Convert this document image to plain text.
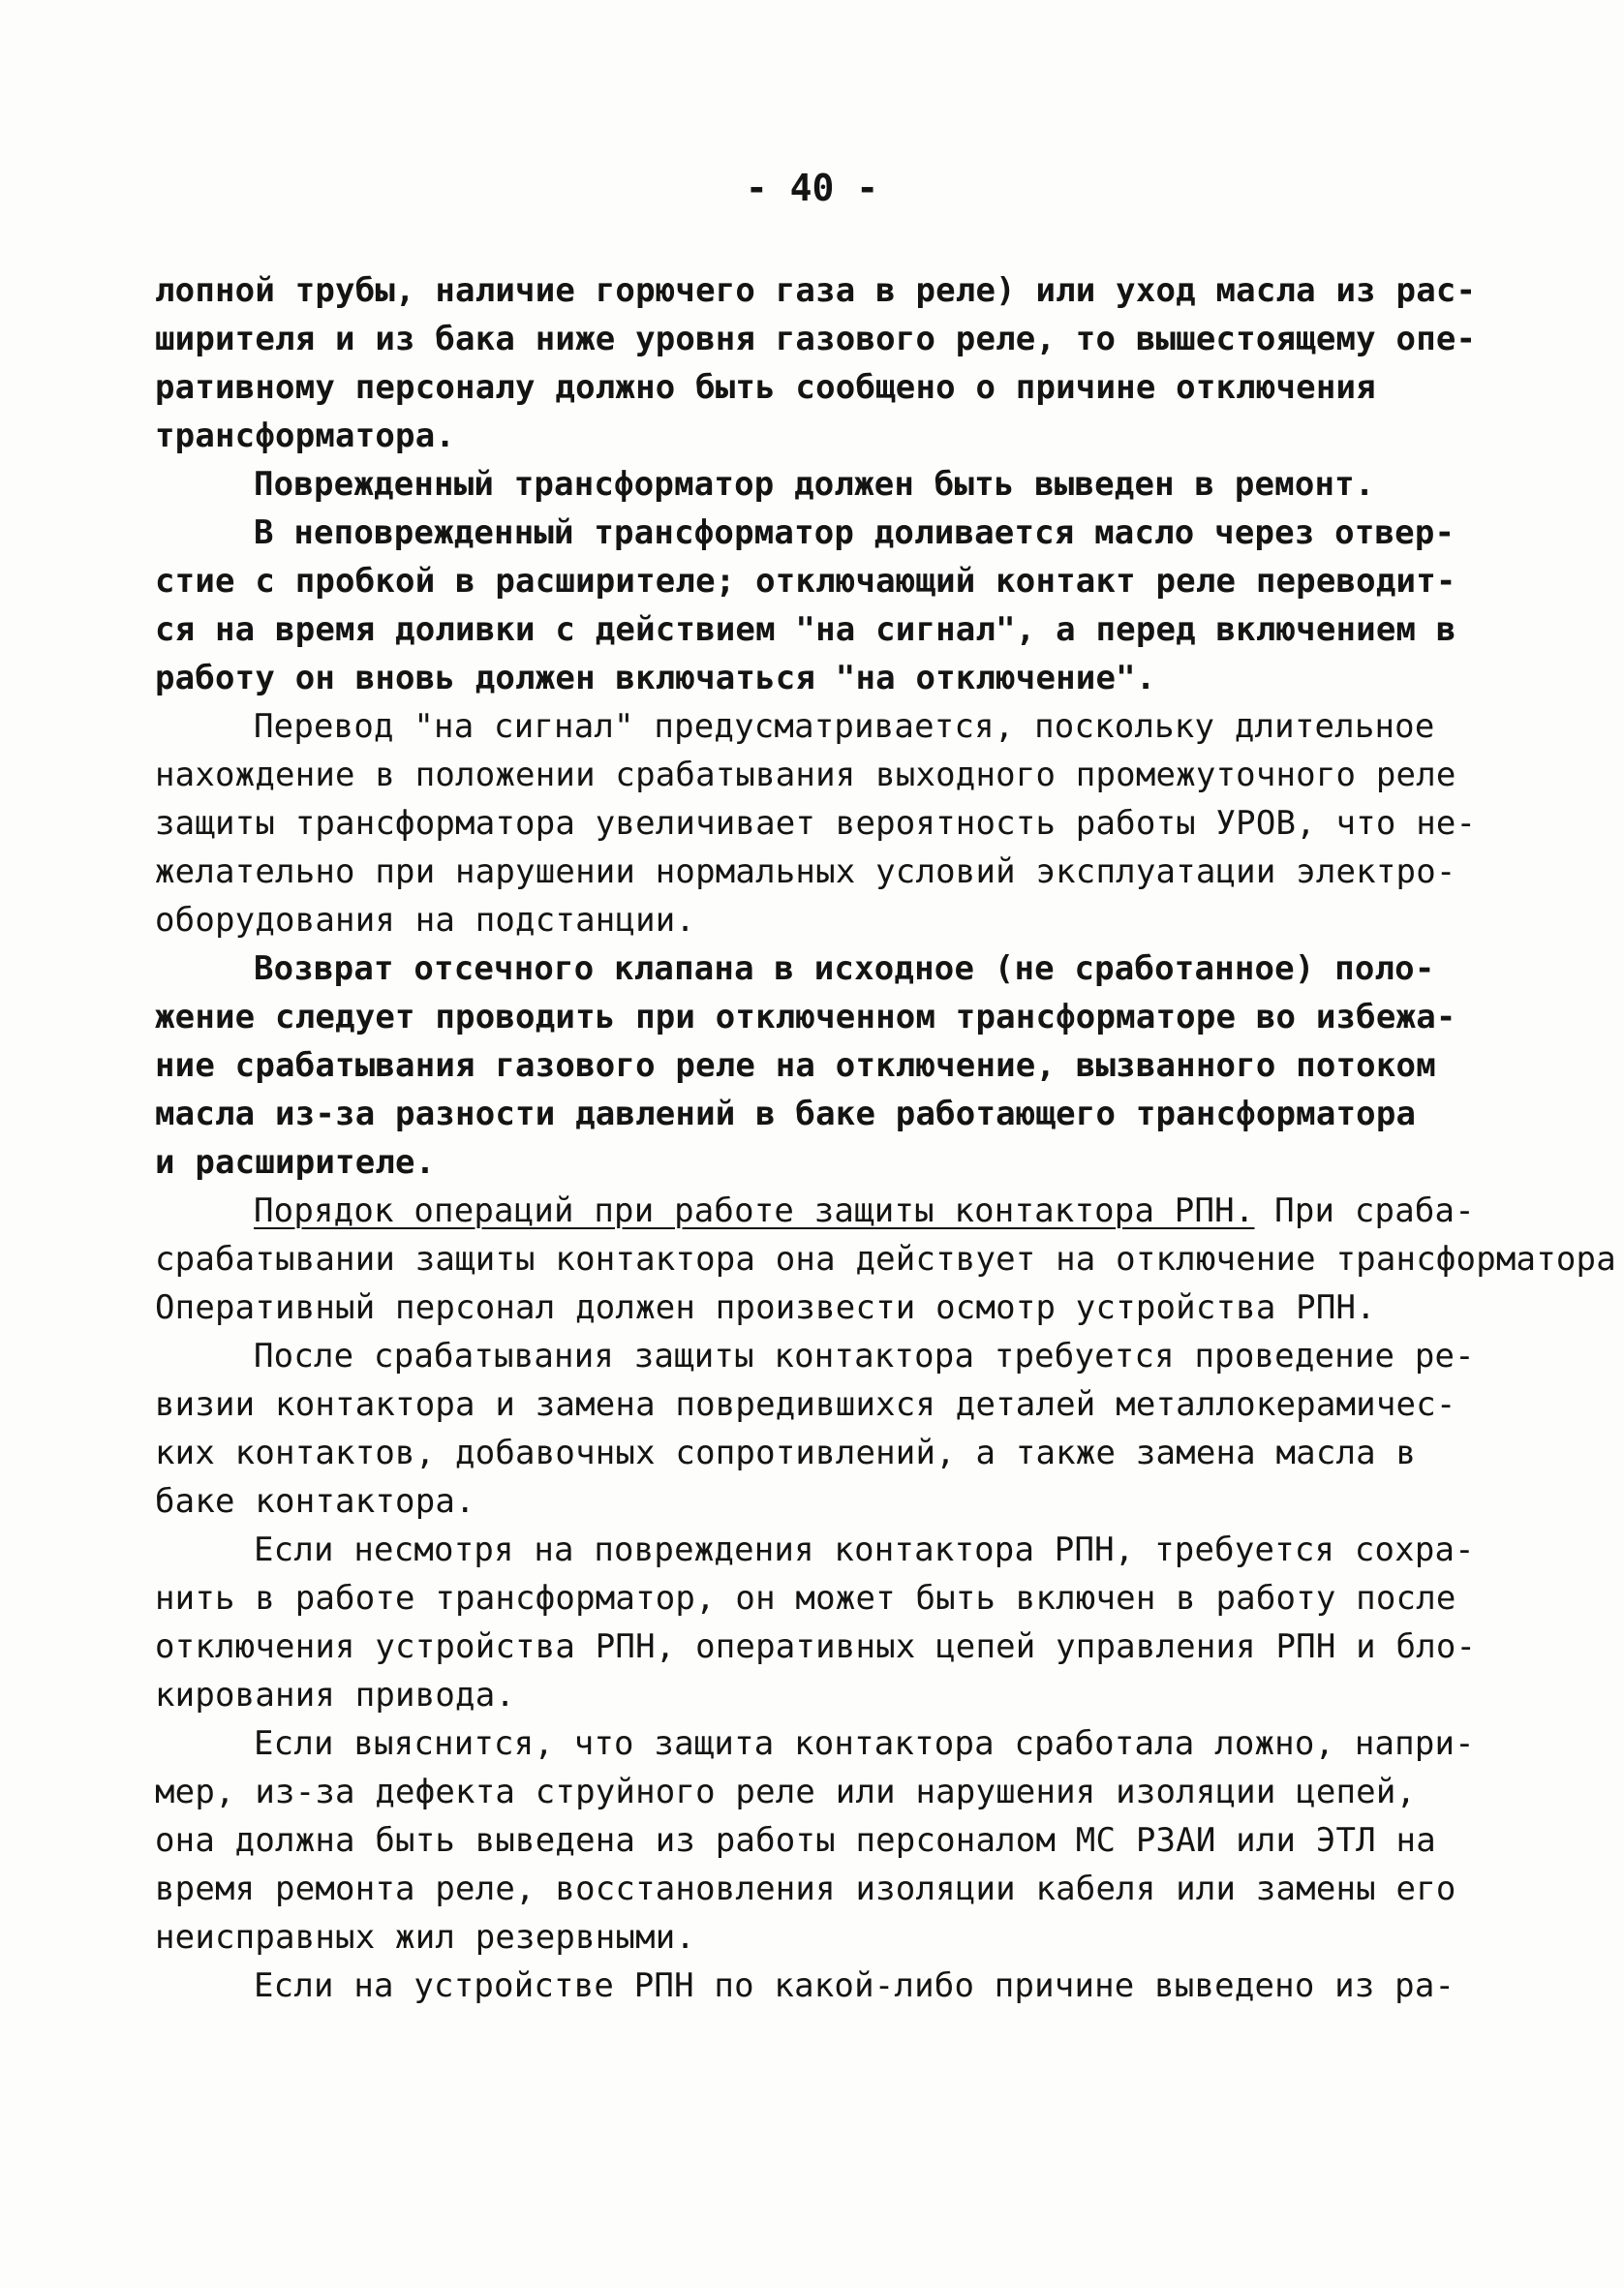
- 40 -
лопной трубы, наличие горючего газа в реле) или уход масла из рас-
ширителя и из бака ниже уровня газового реле, то вышестоящему опе-
ративному персоналу должно быть сообщено о причине отключения
трансформатора.
Поврежденный трансформатор должен быть выведен в ремонт.
В неповрежденный трансформатор доливается масло через отвер-
стие с пробкой в расширителе; отключающий контакт реле переводит-
ся на время доливки с действием "на сигнал", а перед включением в
работу он вновь должен включаться "на отключение".
Перевод "на сигнал" предусматривается, поскольку длительное
нахождение в положении срабатывания выходного промежуточного реле
защиты трансформатора увеличивает вероятность работы УРОВ, что не-
желательно при нарушении нормальных условий эксплуатации электро-
оборудования на подстанции.
Возврат отсечного клапана в исходное (не сработанное) поло-
жение следует проводить при отключенном трансформаторе во избежа-
ние срабатывания газового реле на отключение, вызванного потоком
масла из-за разности давлений в баке работающего трансформатора
и расширителе.
Порядок операций при работе защиты контактора РПН. При сраба-
срабатывании защиты контактора она действует на отключение трансформатора
Оперативный персонал должен произвести осмотр устройства РПН.
После срабатывания защиты контактора требуется проведение ре-
визии контактора и замена повредившихся деталей металлокерамичес-
ких контактов, добавочных сопротивлений, а также замена масла в
баке контактора.
Если несмотря на повреждения контактора РПН, требуется сохра-
нить в работе трансформатор, он может быть включен в работу после
отключения устройства РПН, оперативных цепей управления РПН и бло-
кирования привода.
Если выяснится, что защита контактора сработала ложно, напри-
мер, из-за дефекта струйного реле или нарушения изоляции цепей,
она должна быть выведена из работы персоналом МС РЗАИ или ЭТЛ на
время ремонта реле, восстановления изоляции кабеля или замены его
неисправных жил резервными.
Если на устройстве РПН по какой-либо причине выведено из ра-
